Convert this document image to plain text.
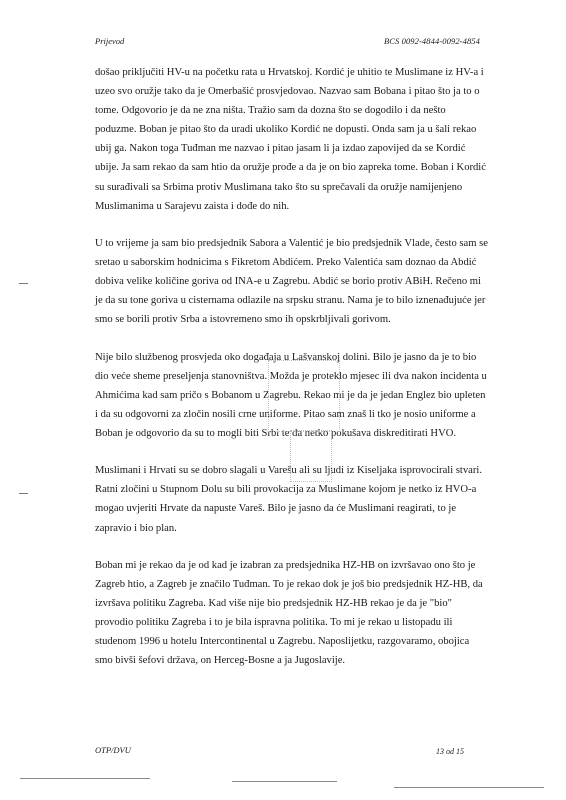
Prijevod	BCS 0092-4844-0092-4854

došao priključiti HV-u na početku rata u Hrvatskoj. Kordić je uhitio te Muslimane iz HV-a i uzeo svo oružje tako da je Omerbašić prosvjedovao. Nazvao sam Bobana i pitao što ja to o tome. Odgovorio je da ne zna ništa. Tražio sam da dozna što se dogodilo i da nešto poduzme. Boban je pitao što da uradi ukoliko Kordić ne dopusti. Onda sam ja u šali rekao ubij ga. Nakon toga Tuđman me nazvao i pitao jasam li ja izdao zapovijed da se Kordić ubije. Ja sam rekao da sam htio da oružje prođe a da je on bio zapreka tome. Boban i Kordić su surađivali sa Srbima protiv Muslimana tako što su sprečavali da oružje namijenjeno Muslimanima u Sarajevu zaista i dođe do nih.

U to vrijeme ja sam bio predsjednik Sabora a Valentić je bio predsjednik Vlade, često sam se sretao u saborskim hodnicima s Fikretom Abdićem. Preko Valentića sam doznao da Abdić dobiva velike količine goriva od INA-e u Zagrebu. Abdić se borio protiv ABiH. Rečeno mi je da su tone goriva u cisternama odlazile na srpsku stranu. Nama je to bilo iznenađujuće jer smo se borili protiv Srba a istovremeno smo ih opskrbljivali gorivom.

Nije bilo službenog prosvjeda oko događaja u Lašvanskoj dolini. Bilo je jasno da je to bio dio veće sheme preseljenja stanovništva. Možda je proteklo mjesec ili dva nakon incidenta u Ahmićima kad sam pričo s Bobanom u Zagrebu. Rekao mi je da je jedan Englez bio upleten i da su odgovorni za zločin nosili crne uniforme. Pitao sam znaš li tko je nosio uniforme a Boban je odgovorio da su to mogli biti Srbi te da netko pokušava diskreditirati HVO.

Muslimani i Hrvati su se dobro slagali u Varešu ali su ljudi iz Kiseljaka isprovocirali stvari. Ratni zločini u Stupnom Dolu su bili provokacija za Muslimane kojom je netko iz HVO-a mogao uvjeriti Hrvate da napuste Vareš. Bilo je jasno da će Muslimani reagirati, to je zapravio i bio plan.

Boban mi je rekao da je od kad je izabran za predsjednika HZ-HB on izvršavao ono što je Zagreb htio, a Zagreb je značilo Tuđman. To je rekao dok je još bio predsjednik HZ-HB, da izvršava politiku Zagreba. Kad više nije bio predsjednik HZ-HB rekao je da je "bio" provodio politiku Zagreba i to je bila ispravna politika. To mi je rekao u listopadu ili studenom 1996 u hotelu Intercontinental u Zagrebu. Naposlijetku, razgovaramo, obojica smo bivši šefovi država, on Herceg-Bosne a ja Jugoslavije.

OTP/DVU	13 od 15
